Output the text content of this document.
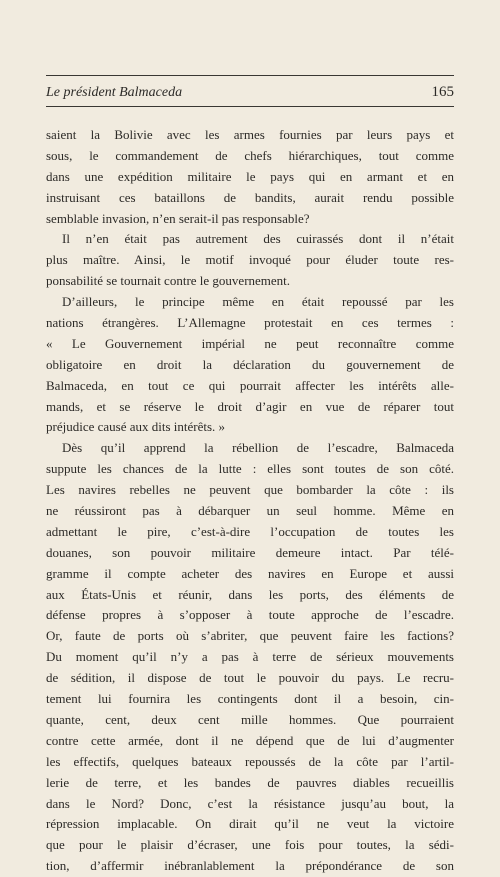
Le président Balmaceda	165
saient la Bolivie avec les armes fournies par leurs pays et
sous, le commandement de chefs hiérarchiques, tout comme
dans une expédition militaire le pays qui en armant et en
instruisant ces bataillons de bandits, aurait rendu possible
semblable invasion, n’en serait-il pas responsable?
Il n’en était pas autrement des cuirassés dont il n’était
plus maître. Ainsi, le motif invoqué pour éluder toute res-
ponsabilité se tournait contre le gouvernement.
D’ailleurs, le principe même en était repoussé par les
nations étrangères. L’Allemagne protestait en ces termes :
« Le Gouvernement impérial ne peut reconnaître comme
obligatoire en droit la déclaration du gouvernement de
Balmaceda, en tout ce qui pourrait affecter les intérêts alle-
mands, et se réserve le droit d’agir en vue de réparer tout
préjudice causé aux dits intérêts. »
Dès qu’il apprend la rébellion de l’escadre, Balmaceda
suppute les chances de la lutte : elles sont toutes de son côté.
Les navires rebelles ne peuvent que bombarder la côte : ils
ne réussiront pas à débarquer un seul homme. Même en
admettant le pire, c’est-à-dire l’occupation de toutes les
douanes, son pouvoir militaire demeure intact. Par télé-
gramme il compte acheter des navires en Europe et aussi
aux États-Unis et réunir, dans les ports, des éléments de
défense propres à s’opposer à toute approche de l’escadre.
Or, faute de ports où s’abriter, que peuvent faire les factions?
Du moment qu’il n’y a pas à terre de sérieux mouvements
de sédition, il dispose de tout le pouvoir du pays. Le recru-
tement lui fournira les contingents dont il a besoin, cin-
quante, cent, deux cent mille hommes. Que pourraient
contre cette armée, dont il ne dépend que de lui d’augmenter
les effectifs, quelques bateaux repoussés de la côte par l’artil-
lerie de terre, et les bandes de pauvres diables recueillis
dans le Nord? Donc, c’est la résistance jusqu’au bout, la
répression implacable. On dirait qu’il ne veut la victoire
que pour le plaisir d’écraser, une fois pour toutes, la sédi-
tion, d’affermir inébranlablement la prépondérance de son
